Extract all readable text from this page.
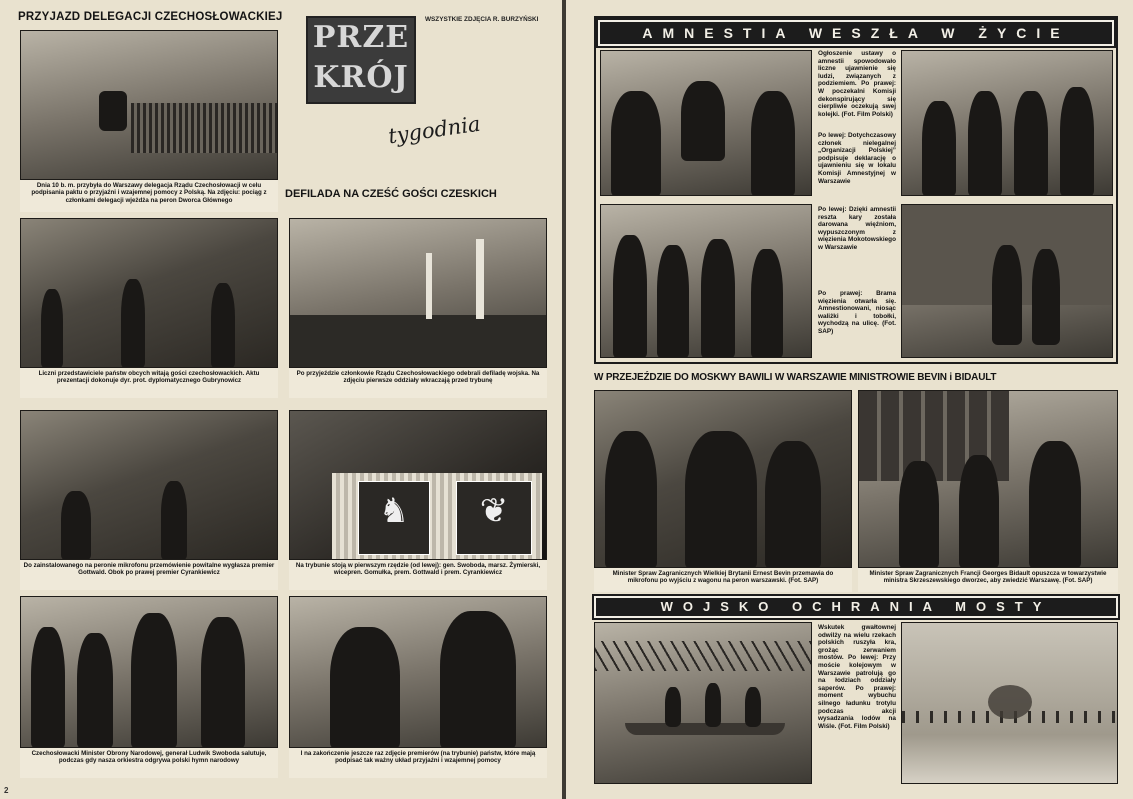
PRZYJAZD DELEGACJI CZECHOSŁOWACKIEJ
Dnia 10 b. m. przybyła do Warszawy delegacja Rządu Czechosłowacji w celu podpisania paktu o przyjaźni i wzajemnej pomocy z Polską. Na zdjęciu: pociąg z członkami delegacji wjeżdża na peron Dworca Głównego
PRZE
KRÓJ
WSZYSTKIE ZDJĘCIA R. BURZYŃSKI
tygodnia
DEFILADA NA CZEŚĆ GOŚCI CZESKICH
Liczni przedstawiciele państw obcych witają gości czechosłowackich. Aktu prezentacji dokonuje dyr. prot. dyplomatycznego Gubrynowicz
Po przyjeździe członkowie Rządu Czechosłowackiego odebrali defiladę wojska. Na zdjęciu pierwsze oddziały wkraczają przed trybunę
Do zainstalowanego na peronie mikrofonu przemówienie powitalne wygłasza premier Gottwald. Obok po prawej premier Cyrankiewicz
♞	❦
Na trybunie stoją w pierwszym rzędzie (od lewej): gen. Swoboda, marsz. Żymierski, wicepren. Gomułka, prem. Gottwald i prem. Cyrankiewicz
Czechosłowacki Minister Obrony Narodowej, generał Ludwik Swoboda salutuje, podczas gdy nasza orkiestra odgrywa polski hymn narodowy
I na zakończenie jeszcze raz zdjęcie premierów (na trybunie) państw, które mają podpisać tak ważny układ przyjaźni i wzajemnej pomocy
2
AMNESTIA WESZŁA W ŻYCIE
Ogłoszenie ustawy o amnestii spowodowało liczne ujawnienie się ludzi, związanych z podziemiem. Po prawej: W poczekalni Komisji dekonspirujący się cierpliwie oczekują swej kolejki. (Fot. Film Polski)
Po lewej: Dotychczasowy członek nielegalnej „Organizacji Polskiej” podpisuje deklarację o ujawnieniu się w lokalu Komisji Amnestyjnej w Warszawie
Po lewej: Dzięki amnestii reszta kary została darowana więźniom, wypuszczonym z więzienia Mokotowskiego w Warszawie
Po prawej: Brama więzienia otwarła się. Amnestionowani, niosąc waliżki i tobołki, wychodzą na ulicę. (Fot. SAP)
W PRZEJEŹDZIE DO MOSKWY BAWILI W WARSZAWIE MINISTROWIE BEVIN i BIDAULT
Minister Spraw Zagranicznych Wielkiej Brytanii Ernest Bevin przemawia do mikrofonu po wyjściu z wagonu na peron warszawski. (Fot. SAP)
Minister Spraw Zagranicznych Francji Georges Bidault opuszcza w towarzystwie ministra Skrzeszewskiego dworzec, aby zwiedzić Warszawę. (Fot. SAP)
WOJSKO OCHRANIA MOSTY
Wskutek gwałtownej odwilży na wielu rzekach polskich ruszyła kra, grożąc zerwaniem mostów. Po lewej: Przy moście kolejowym w Warszawie patrolują go na łodziach oddziały saperów. Po prawej: moment wybuchu silnego ładunku trotylu podczas akcji wysadzania lodów na Wiśle. (Fot. Film Polski)
